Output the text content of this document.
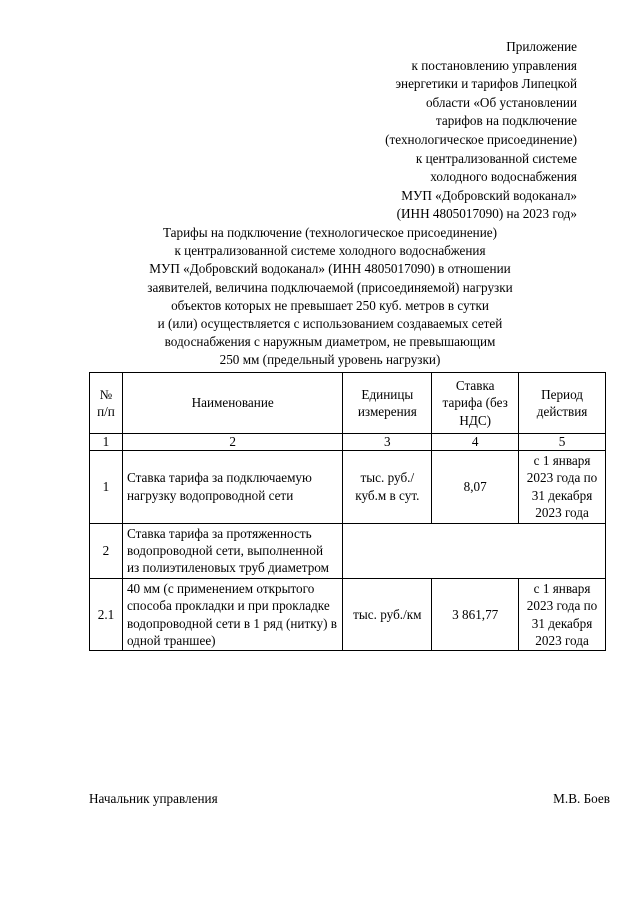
Приложение
к постановлению управления
энергетики и тарифов Липецкой
области «Об установлении
тарифов на подключение
(технологическое присоединение)
к централизованной системе
холодного водоснабжения
МУП «Добровский водоканал»
(ИНН 4805017090) на 2023 год»
Тарифы на подключение (технологическое присоединение)
к централизованной системе холодного водоснабжения
МУП «Добровский водоканал» (ИНН 4805017090) в отношении
заявителей, величина подключаемой (присоединяемой) нагрузки
объектов которых не превышает 250 куб. метров в сутки
и (или) осуществляется с использованием создаваемых сетей
водоснабжения с наружным диаметром, не превышающим
250 мм (предельный уровень нагрузки)
№ п/п	Наименование	Единицы измерения	Ставка тарифа (без НДС)	Период действия
1	2	3	4	5
1	Ставка тарифа за подключаемую нагрузку водопроводной сети	тыс. руб./ куб.м в сут.	8,07	с 1 января 2023 года по 31 декабря 2023 года
2	Ставка тарифа за протяженность водопроводной сети, выполненной из полиэтиленовых труб диаметром			
2.1	40 мм (с применением открытого способа прокладки и при прокладке водопроводной сети в 1 ряд (нитку) в одной траншее)	тыс. руб./км	3 861,77	с 1 января 2023 года по 31 декабря 2023 года
Начальник управления	М.В. Боев
